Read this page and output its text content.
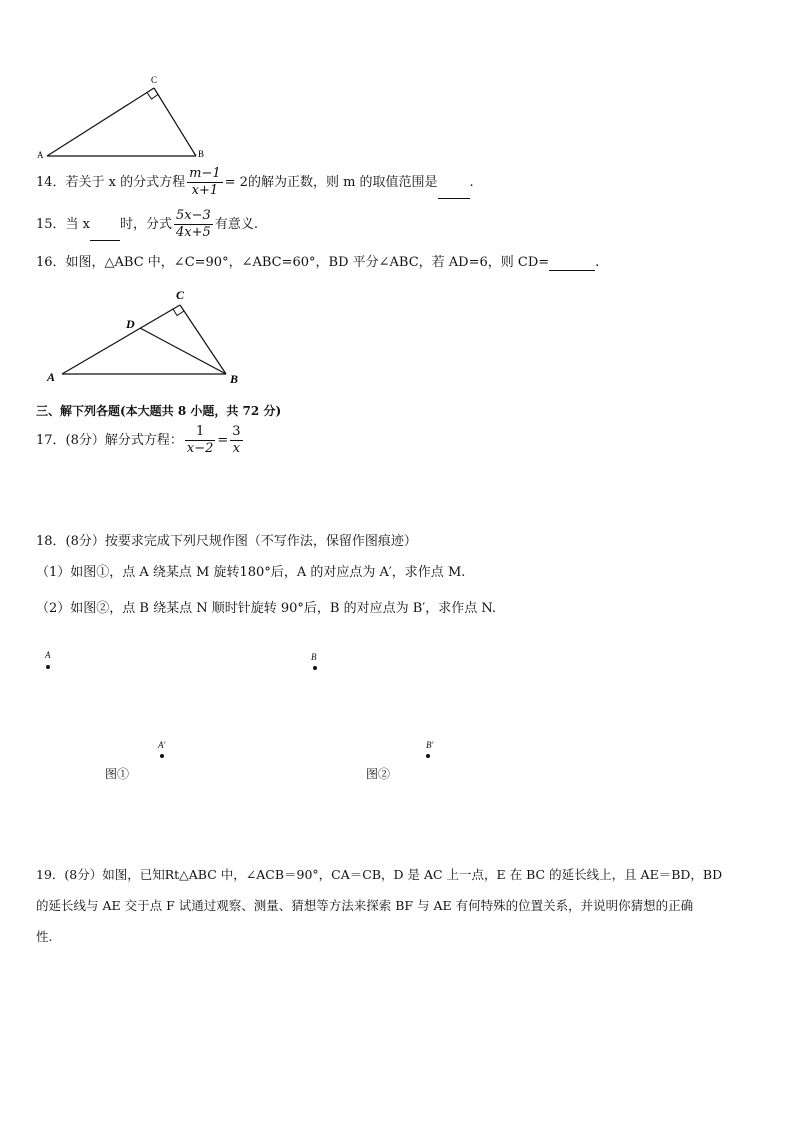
A	B
C
14．若关于 x 的分式方程 $\frac{m-1}{x+1} = 2$的解为正数，则 m 的取值范围是 .
15．当 x 时，分式 $\frac{5x-3}{4x+5}$ 有意义.
16．如图，△ABC 中，∠C=90°，∠ABC=60°，BD 平分∠ABC，若 AD=6，则 CD=	.
A	B
C
D
三、解下列各题(本大题共 8 小题，共 72 分)
17．(8分）解分式方程： $\frac{1}{x-2} = \frac{3}{x}$
18．(8分）按要求完成下列尺规作图（不写作法，保留作图痕迹）
（1）如图①，点 A 绕某点 M 旋转180°后，A 的对应点为 A′，求作点 M.
（2）如图②，点 B 绕某点 N 顺时针旋转 90°后，B 的对应点为 B′，求作点 N.
A
A′
图①
B
B′
图②
19．(8分）如图，已知Rt△ABC 中，∠ACB＝90°，CA＝CB，D 是 AC 上一点，E 在 BC 的延长线上，且 AE＝BD，BD
的延长线与 AE 交于点 F 试通过观察、测量、猜想等方法来探索 BF 与 AE 有何特殊的位置关系，并说明你猜想的正确
性.
